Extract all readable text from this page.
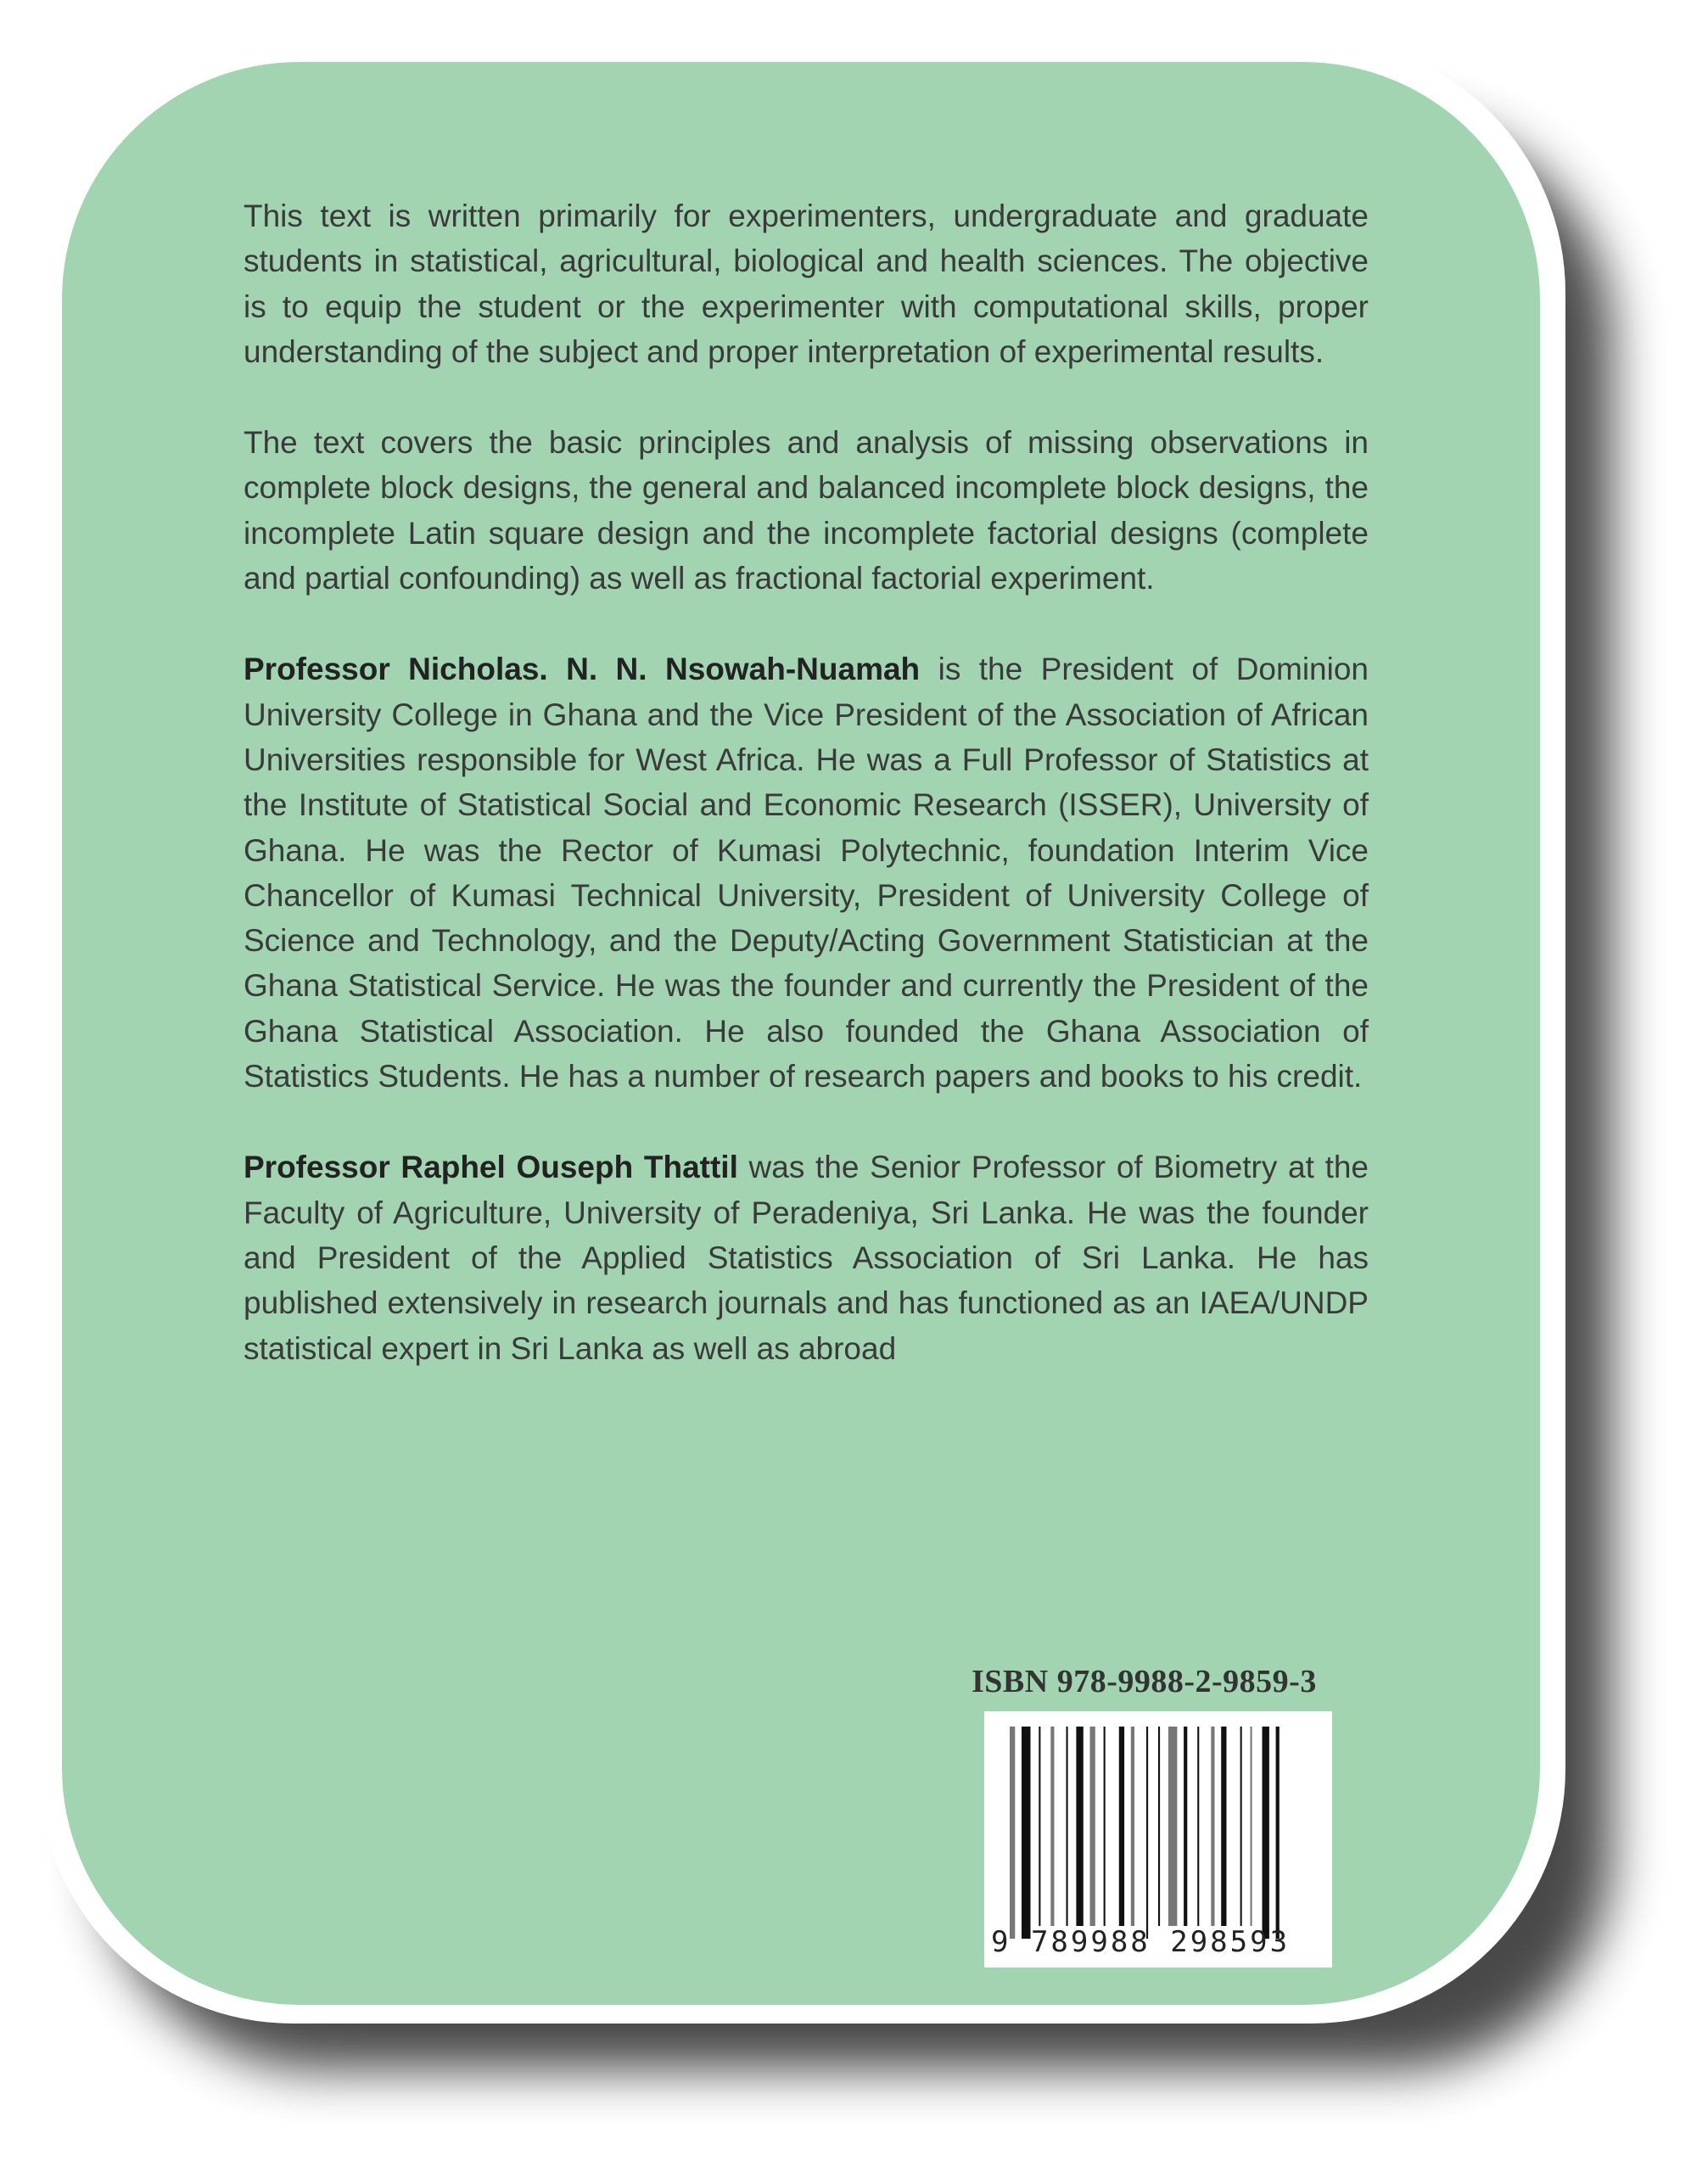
This text is written primarily for experimenters, undergraduate and graduate students in statistical, agricultural, biological and health sciences. The objective is to equip the student or the experimenter with computational skills, proper understanding of the subject and proper interpretation of experimental results.

The text covers the basic principles and analysis of missing observations in complete block designs, the general and balanced incomplete block designs, the incomplete Latin square design and the incomplete factorial designs (complete and partial confounding) as well as fractional factorial experiment.

Professor Nicholas. N. N. Nsowah-Nuamah is the President of Dominion University College in Ghana and the Vice President of the Association of African Universities responsible for West Africa. He was a Full Professor of Statistics at the Institute of Statistical Social and Economic Research (ISSER), University of Ghana. He was the Rector of Kumasi Polytechnic, foundation Interim Vice Chancellor of Kumasi Technical University, President of University College of Science and Technology, and the Deputy/Acting Government Statistician at the Ghana Statistical Service. He was the founder and currently the President of the Ghana Statistical Association. He also founded the Ghana Association of Statistics Students. He has a number of research papers and books to his credit.

Professor Raphel Ouseph Thattil was the Senior Professor of Biometry at the Faculty of Agriculture, University of Peradeniya, Sri Lanka. He was the founder and President of the Applied Statistics Association of Sri Lanka. He has published extensively in research journals and has functioned as an IAEA/UNDP statistical expert in Sri Lanka as well as abroad

ISBN 978-9988-2-9859-3
9 789988 298593
